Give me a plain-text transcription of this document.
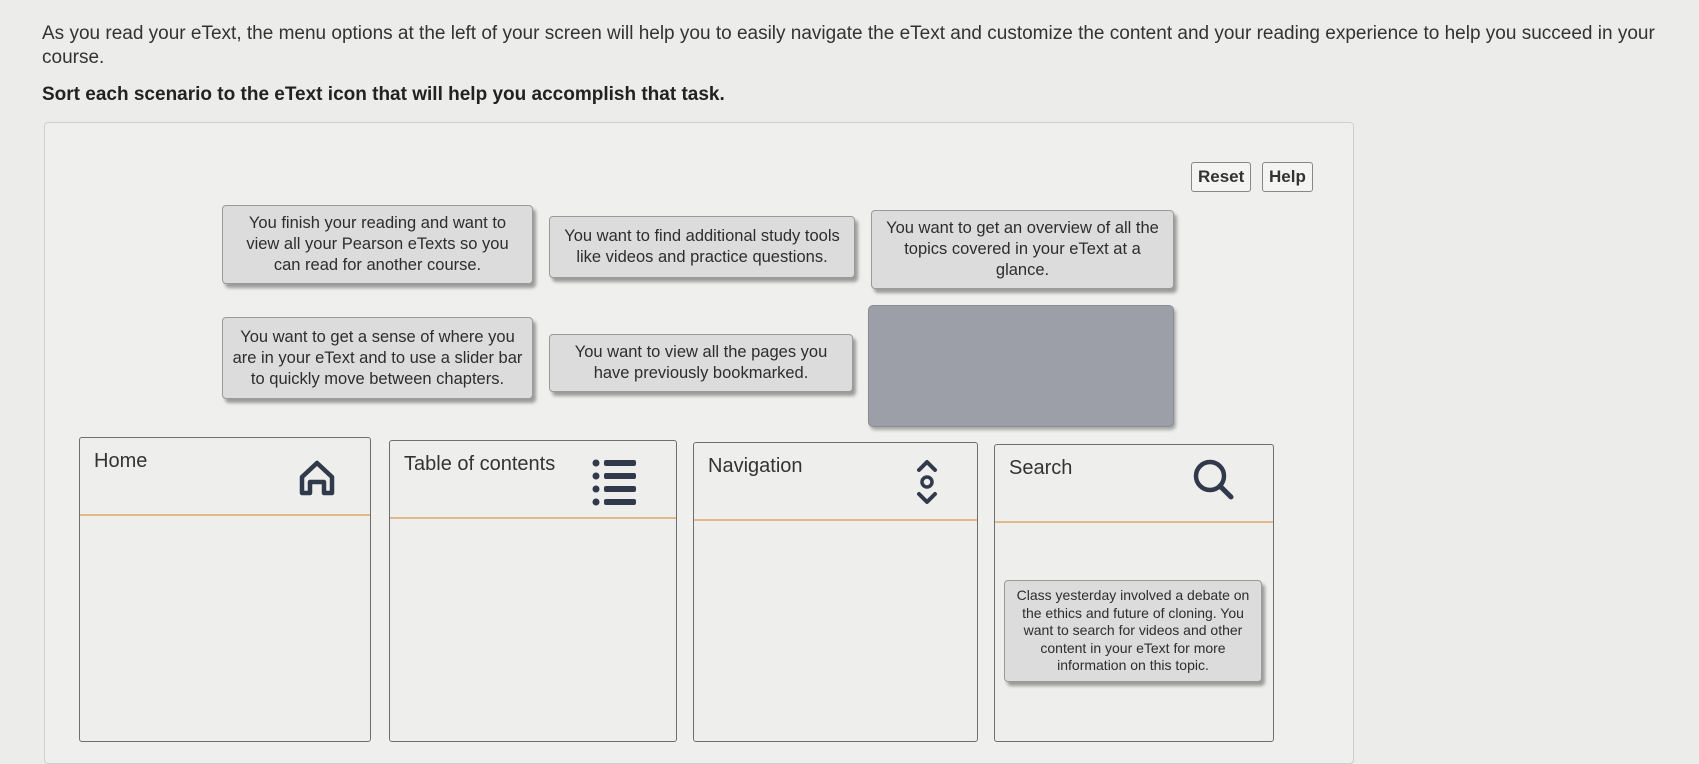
As you read your eText, the menu options at the left of your screen will help you to easily navigate the eText and customize the content and your reading experience to help you succeed in your course.
Sort each scenario to the eText icon that will help you accomplish that task.
Reset	Help
You finish your reading and want to view all your Pearson eTexts so you can read for another course.
You want to find additional study tools like videos and practice questions.
You want to get an overview of all the topics covered in your eText at a glance.
You want to get a sense of where you are in your eText and to use a slider bar to quickly move between chapters.
You want to view all the pages you have previously bookmarked.
Home	Table of contents	Navigation	Search
Class yesterday involved a debate on the ethics and future of cloning. You want to search for videos and other content in your eText for more information on this topic.
